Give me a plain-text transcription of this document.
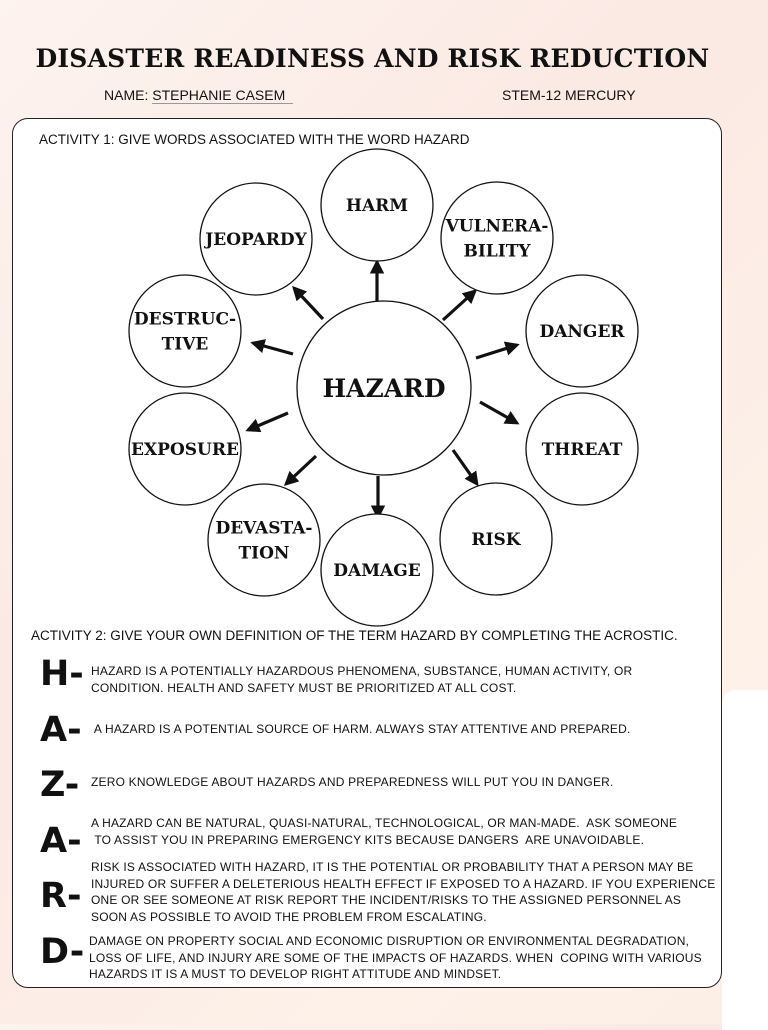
DISASTER READINESS AND RISK REDUCTION
NAME: STEPHANIE CASEM	STEM-12 MERCURY
ACTIVITY 1: GIVE WORDS ASSOCIATED WITH THE WORD HAZARD
HAZARD
HARM
VULNERA-
BILITY
DANGER
THREAT
RISK
DAMAGE
DEVASTA-
TION
EXPOSURE
DESTRUC-
TIVE
JEOPARDY
ACTIVITY 2: GIVE YOUR OWN DEFINITION OF THE TERM HAZARD BY COMPLETING THE ACROSTIC.
H- HAZARD IS A POTENTIALLY HAZARDOUS PHENOMENA, SUBSTANCE, HUMAN ACTIVITY, OR
CONDITION. HEALTH AND SAFETY MUST BE PRIORITIZED AT ALL COST.
A- A HAZARD IS A POTENTIAL SOURCE OF HARM. ALWAYS STAY ATTENTIVE AND PREPARED.
Z- ZERO KNOWLEDGE ABOUT HAZARDS AND PREPAREDNESS WILL PUT YOU IN DANGER.
A- A HAZARD CAN BE NATURAL, QUASI-NATURAL, TECHNOLOGICAL, OR MAN-MADE.  ASK SOMEONE
TO ASSIST YOU IN PREPARING EMERGENCY KITS BECAUSE DANGERS  ARE UNAVOIDABLE.
R-
RISK IS ASSOCIATED WITH HAZARD, IT IS THE POTENTIAL OR PROBABILITY THAT A PERSON MAY BE
INJURED OR SUFFER A DELETERIOUS HEALTH EFFECT IF EXPOSED TO A HAZARD. IF YOU EXPERIENCE
ONE OR SEE SOMEONE AT RISK REPORT THE INCIDENT/RISKS TO THE ASSIGNED PERSONNEL AS
SOON AS POSSIBLE TO AVOID THE PROBLEM FROM ESCALATING.
D- DAMAGE ON PROPERTY SOCIAL AND ECONOMIC DISRUPTION OR ENVIRONMENTAL DEGRADATION,
LOSS OF LIFE, AND INJURY ARE SOME OF THE IMPACTS OF HAZARDS. WHEN  COPING WITH VARIOUS
HAZARDS IT IS A MUST TO DEVELOP RIGHT ATTITUDE AND MINDSET.
